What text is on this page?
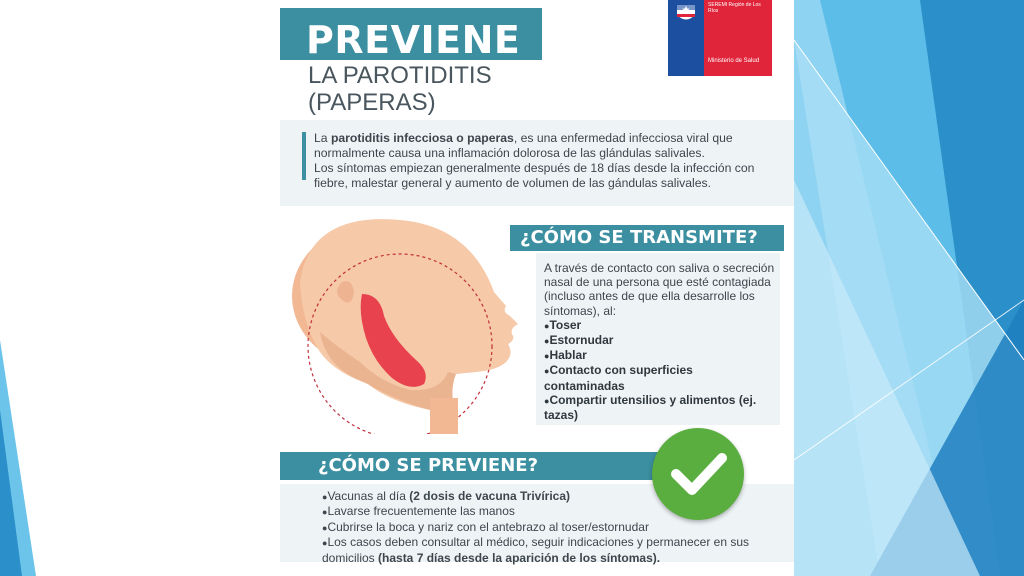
PREVIENE
LA PAROTIDITIS
(PAPERAS)
SEREMI Región de Los Ríos
Ministerio de Salud
La parotiditis infecciosa o paperas, es una enfermedad infecciosa viral que normalmente causa una inflamación dolorosa de las glándulas salivales.
Los síntomas empiezan generalmente después de 18 días desde la infección con fiebre, malestar general y aumento de volumen de las gándulas salivales.
¿CÓMO SE TRANSMITE?
A través de contacto con saliva o secreción nasal de una persona que esté contagiada (incluso antes de que ella desarrolle los síntomas), al:
● Toser
● Estornudar
● Hablar
● Contacto con superficies contaminadas
● Compartir utensilios y alimentos (ej. tazas)
¿CÓMO SE PREVIENE?
● Vacunas al día (2 dosis de vacuna Trivírica)
● Lavarse frecuentemente las manos
● Cubrirse la boca y nariz con el antebrazo al toser/estornudar
● Los casos deben consultar al médico, seguir indicaciones y permanecer en sus domicilios (hasta 7 días desde la aparición de los síntomas).
